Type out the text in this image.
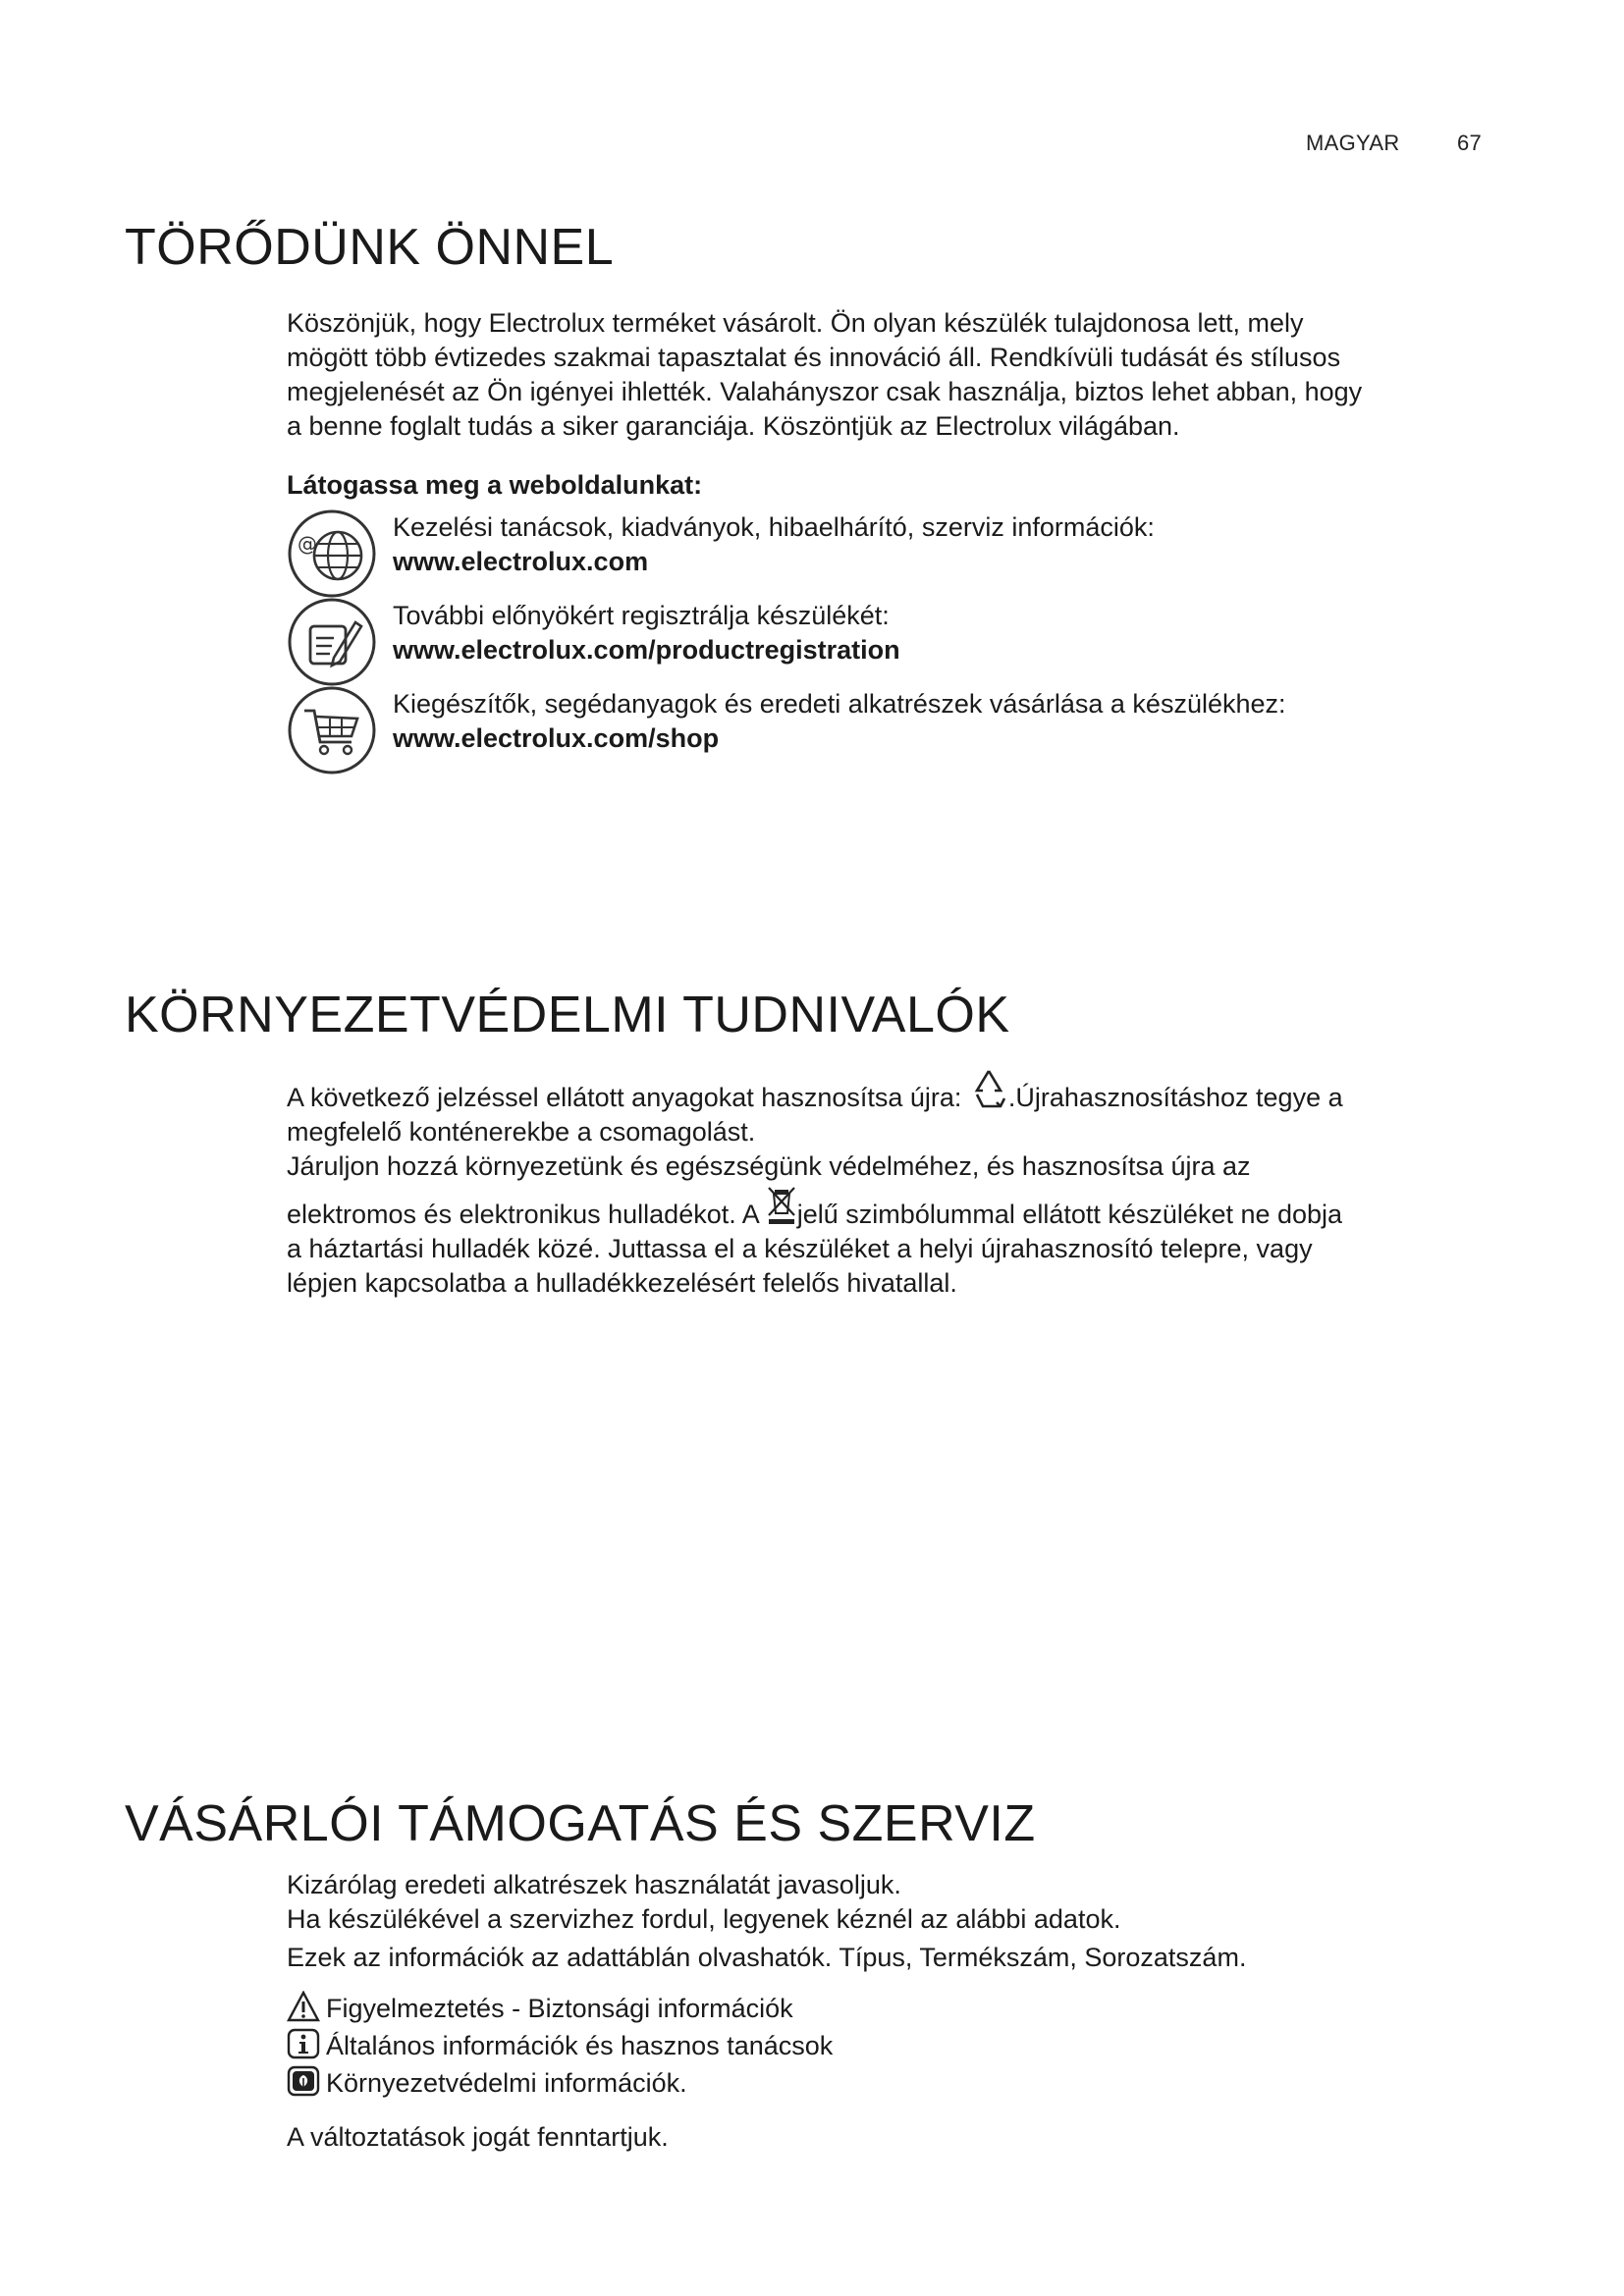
MAGYAR	67
TÖRŐDÜNK ÖNNEL

Köszönjük, hogy Electrolux terméket vásárolt. Ön olyan készülék tulajdonosa lett, mely

mögött több évtizedes szakmai tapasztalat és innováció áll. Rendkívüli tudását és stílusos

megjelenését az Ön igényei ihlették. Valahányszor csak használja, biztos lehet abban, hogy

a benne foglalt tudás a siker garanciája. Köszöntjük az Electrolux világában.

Látogassa meg a weboldalunkat:
@
Kezelési tanácsok, kiadványok, hibaelhárító, szerviz információk:
www.electrolux.com
További előnyökért regisztrálja készülékét:
www.electrolux.com/productregistration
Kiegészítők, segédanyagok és eredeti alkatrészek vásárlása a készülékhez:
www.electrolux.com/shop
KÖRNYEZETVÉDELMI TUDNIVALÓK

A következő jelzéssel ellátott anyagokat hasznosítsa újra: .Újrahasznosításhoz tegye a

megfelelő konténerekbe a csomagolást.

Járuljon hozzá környezetünk és egészségünk védelméhez, és hasznosítsa újra az

elektromos és elektronikus hulladékot. A jelű szimbólummal ellátott készüléket ne dobja

a háztartási hulladék közé. Juttassa el a készüléket a helyi újrahasznosító telepre, vagy

lépjen kapcsolatba a hulladékkezelésért felelős hivatallal.

VÁSÁRLÓI TÁMOGATÁS ÉS SZERVIZ

Kizárólag eredeti alkatrészek használatát javasoljuk.

Ha készülékével a szervizhez fordul, legyenek kéznél az alábbi adatok.

Ezek az információk az adattáblán olvashatók. Típus, Termékszám, Sorozatszám.

Figyelmeztetés - Biztonsági információk
Általános információk és hasznos tanácsok
Környezetvédelmi információk.
A változtatások jogát fenntartjuk.
